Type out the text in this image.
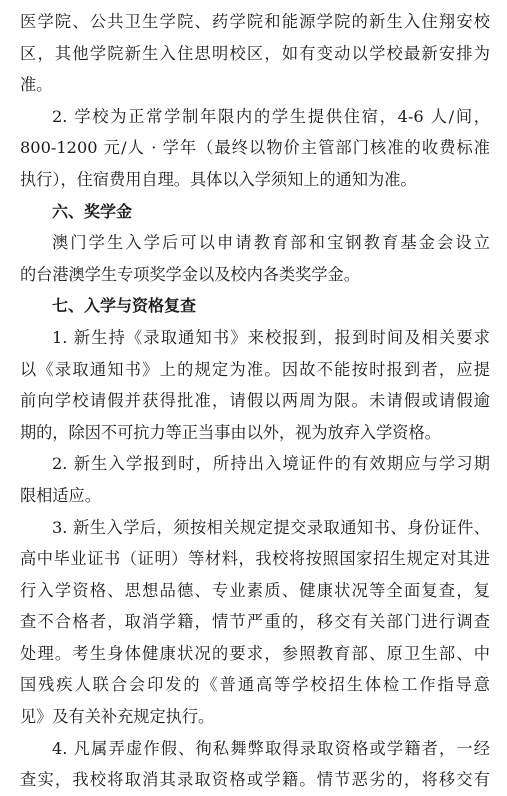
医学院、公共卫生学院、药学院和能源学院的新生入住翔安校
区，其他学院新生入住思明校区，如有变动以学校最新安排为
准。
2. 学校为正常学制年限内的学生提供住宿，4-6 人/间，
800-1200 元/人 · 学年（最终以物价主管部门核准的收费标准
执行），住宿费用自理。具体以入学须知上的通知为准。
六、奖学金
澳门学生入学后可以申请教育部和宝钢教育基金会设立
的台港澳学生专项奖学金以及校内各类奖学金。
七、入学与资格复查
1. 新生持《录取通知书》来校报到，报到时间及相关要求
以《录取通知书》上的规定为准。因故不能按时报到者，应提
前向学校请假并获得批准，请假以两周为限。未请假或请假逾
期的，除因不可抗力等正当事由以外，视为放弃入学资格。
2. 新生入学报到时，所持出入境证件的有效期应与学习期
限相适应。
3. 新生入学后，须按相关规定提交录取通知书、身份证件、
高中毕业证书（证明）等材料，我校将按照国家招生规定对其进
行入学资格、思想品德、专业素质、健康状况等全面复查，复
查不合格者，取消学籍，情节严重的，移交有关部门进行调查
处理。考生身体健康状况的要求，参照教育部、原卫生部、中
国残疾人联合会印发的《普通高等学校招生体检工作指导意
见》及有关补充规定执行。
4. 凡属弄虚作假、徇私舞弊取得录取资格或学籍者，一经
查实，我校将取消其录取资格或学籍。情节恶劣的，将移交有
